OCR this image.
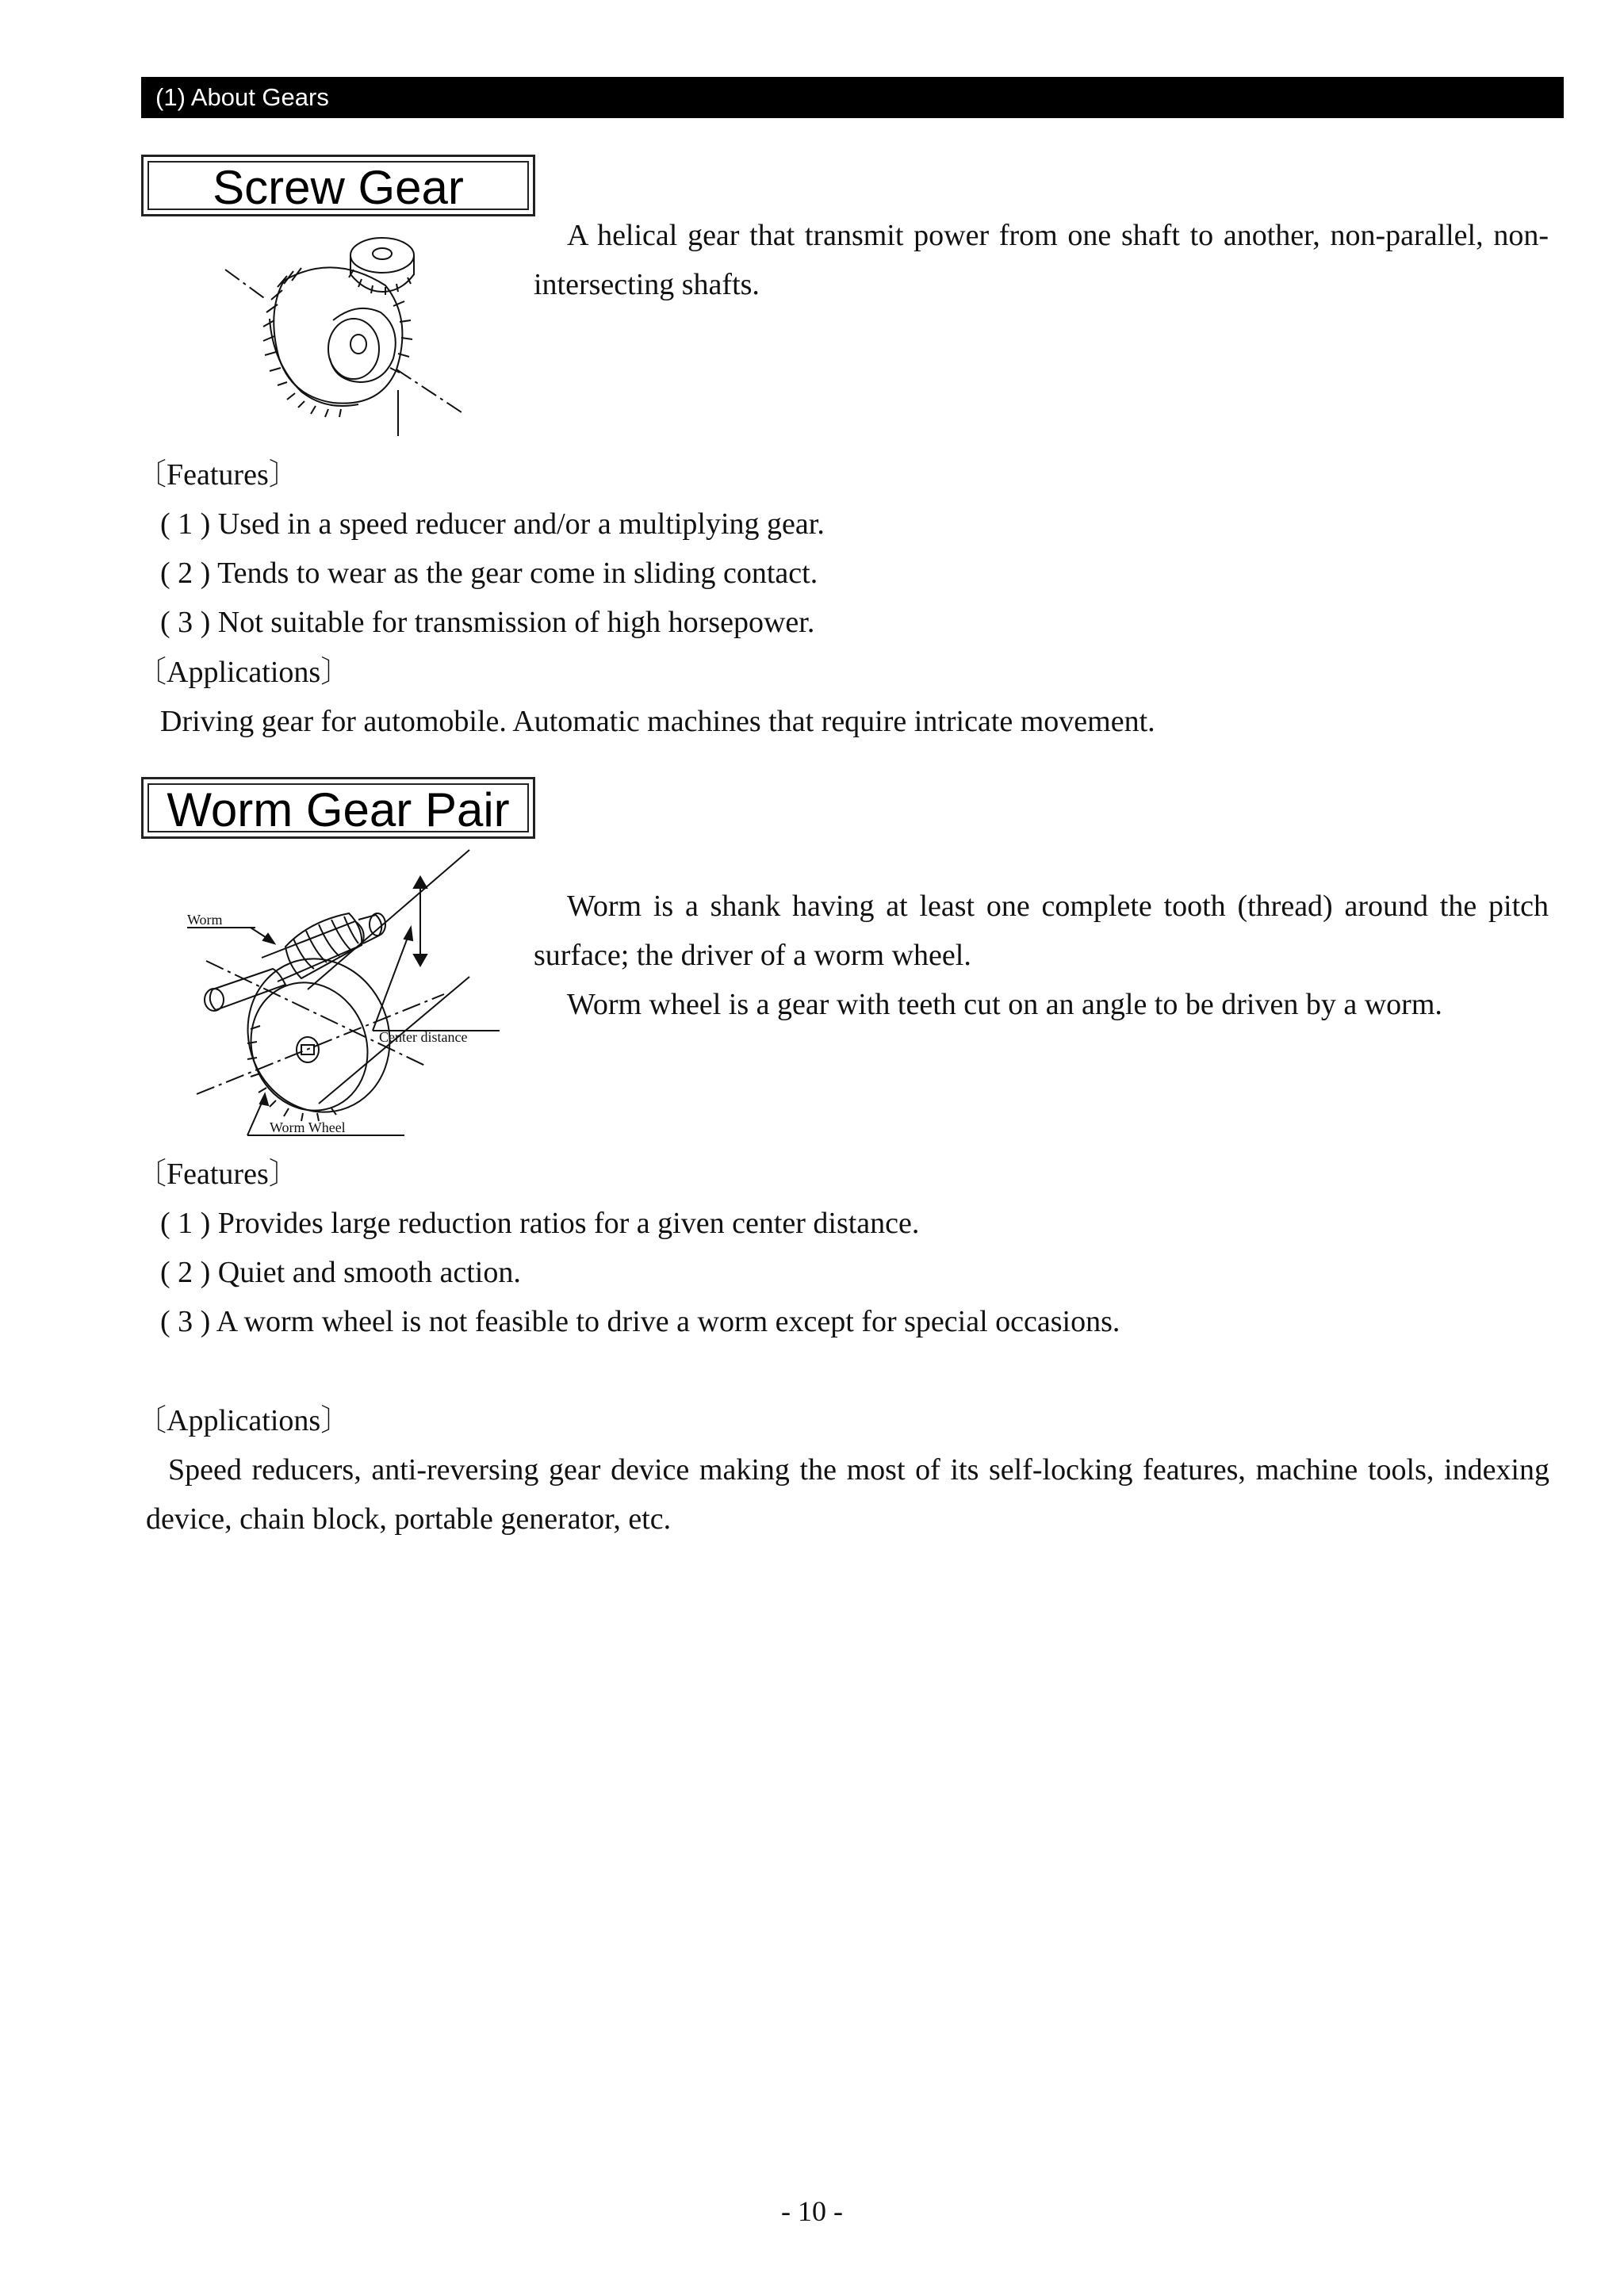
(1) About Gears
Screw Gear

A helical gear that transmit power from one shaft to another, non-parallel, non-intersecting shafts.

〔Features〕

( 1 ) Used in a speed reducer and/or a multiplying gear.

( 2 ) Tends to wear as the gear come in sliding contact.

( 3 ) Not suitable for transmission of high horsepower.

〔Applications〕

Driving gear for automobile. Automatic machines that require intricate movement.

Worm Gear Pair
Worm
Center distance
Worm Wheel

Worm is a shank having at least one complete tooth (thread) around the pitch surface; the driver of a worm wheel.

Worm wheel is a gear with teeth cut on an angle to be driven by a worm.

〔Features〕

( 1 ) Provides large reduction ratios for a given center distance.

( 2 ) Quiet and smooth action.

( 3 ) A worm wheel is not feasible to drive a worm except for special occasions.

〔Applications〕

Speed reducers, anti-reversing gear device making the most of its self-locking features, machine tools, indexing device, chain block, portable generator, etc.

- 10 -
